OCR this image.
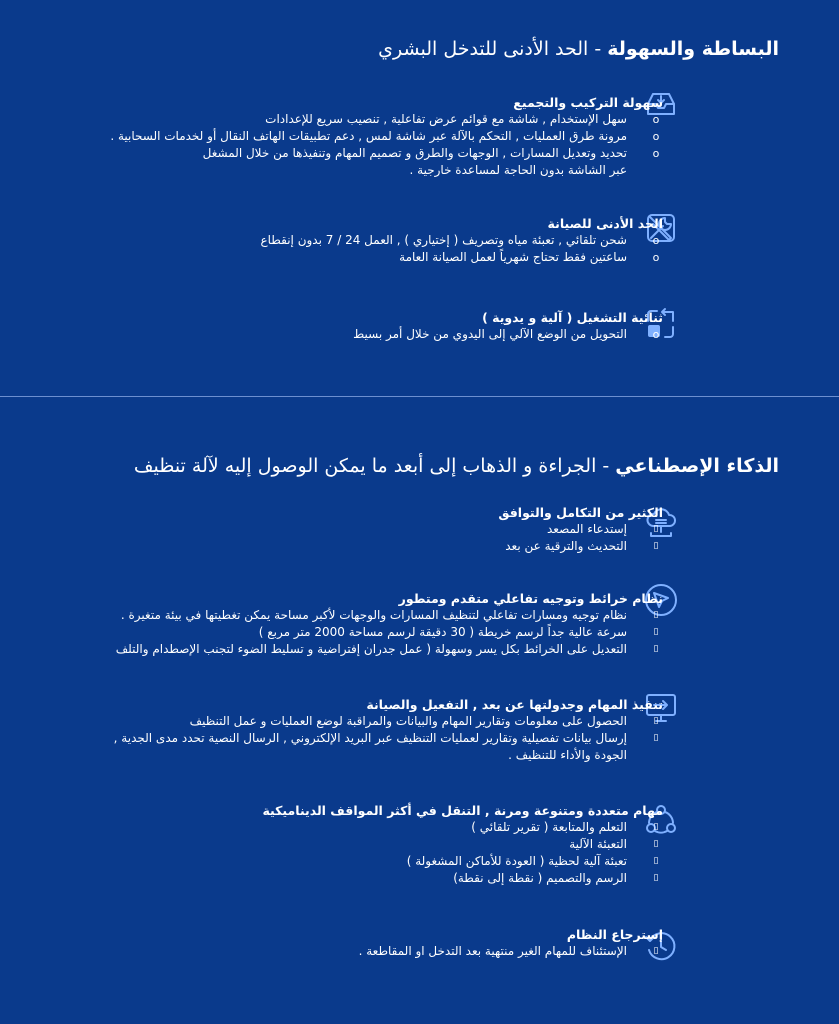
البساطة والسهولة-الحد الأدنى للتدخل البشري
سهولة التركيب والتجميع
o
سهل الإستخدام , شاشة مع قوائم عرض تفاعلية , تنصيب سريع للإعدادات
o
مرونة طرق العمليات , التحكم بالآلة عبر شاشة لمس , دعم تطبيقات الهاتف النقال أو لخدمات السحابية .
o
تحديد وتعديل المسارات , الوجهات والطرق و تصميم المهام وتنفيذها من خلال المشغل
عبر الشاشة بدون الحاجة لمساعدة خارجية .
الحد الأدنى للصيانة
o
شحن تلقائي , تعبئة مياه وتصريف ( إختياري ) , العمل 24 / 7 بدون إنقطاع
o
ساعتين فقط تحتاج شهرياً لعمل الصيانة العامة
ثنائية التشغيل ( آلية و يدوية )
o
التحويل من الوضع الآلي إلى اليدوي من خلال أمر بسيط
الذكاء الإصطناعي-الجراءة و الذهاب إلى أبعد ما يمكن الوصول إليه لآلة تنظيف
الكثير من التكامل والتوافق
▯
إستدعاء المصعد
▯
التحديث والترقية عن بعد
نظام خرائط وتوجيه تفاعلي متقدم ومتطور
▯
نظام توجيه ومسارات تفاعلي لتنظيف المسارات والوجهات لأكبر مساحة يمكن تغطيتها في بيئة متغيرة .
▯
سرعة عالية جداً لرسم خريطة ( 30 دقيقة لرسم مساحة 2000 متر مربع )
▯
التعديل على الخرائط بكل يسر وسهولة ( عمل جدران إفتراضية و تسليط الضوء لتجنب الإصطدام والتلف
تنفيذ المهام وجدولتها عن بعد , التفعيل والصيانة
▯
الحصول على معلومات وتقارير المهام والبيانات والمراقبة لوضع العمليات و عمل التنظيف
▯
إرسال بيانات تفصيلية وتقارير لعمليات التنظيف عبر البريد الإلكتروني , الرسال النصية تحدد مدى الجدية ,
الجودة والأداء للتنظيف .
مهام متعددة ومتنوعة ومرنة , التنقل في أكثر المواقف الديناميكية
▯
التعلم والمتابعة ( تقرير تلقائي )
▯
التعبئة الآلية
▯
تعبئة آلية لحظية ( العودة للأماكن المشغولة )
▯
الرسم والتصميم ( نقطة إلى نقطة)
إسترجاع النظام
▯
الإستئناف للمهام الغير منتهية بعد التدخل او المقاطعة .
